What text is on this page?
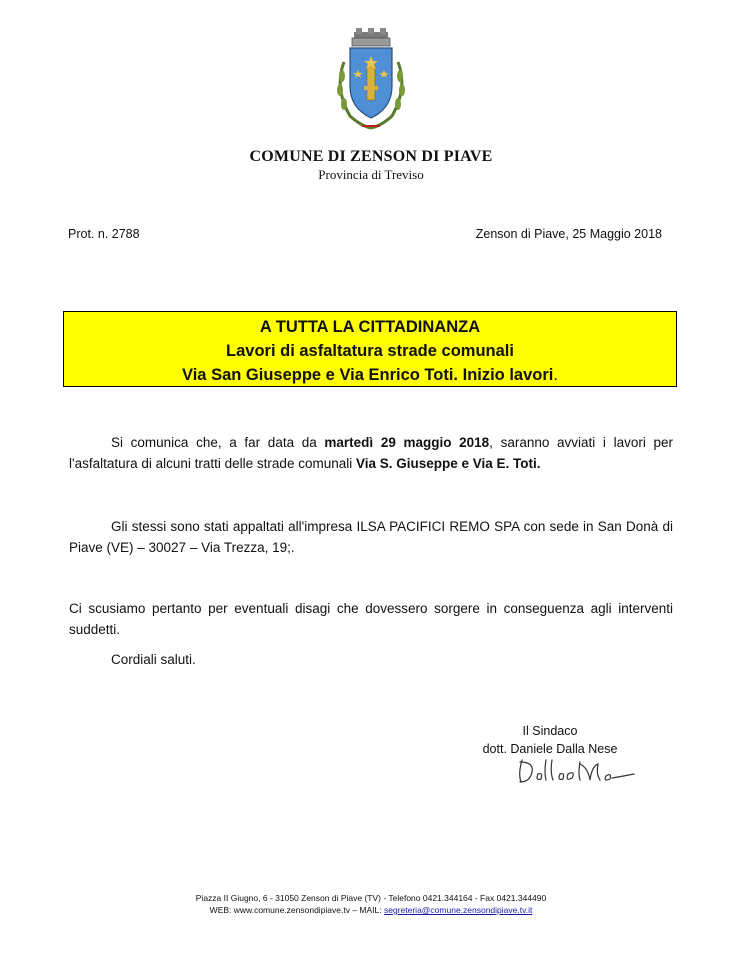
COMUNE DI ZENSON DI PIAVE
Provincia di Treviso
Prot. n. 2788	Zenson di Piave, 25 Maggio 2018
A TUTTA LA CITTADINANZA
Lavori di asfaltatura strade comunali
Via San Giuseppe e Via Enrico Toti. Inizio lavori.
Si comunica che, a far data da martedì 29 maggio 2018, saranno avviati i lavori per l'asfaltatura di alcuni tratti delle strade comunali Via S. Giuseppe e Via E. Toti.
Gli stessi sono stati appaltati all'impresa ILSA PACIFICI REMO SPA con sede in San Donà di Piave (VE) – 30027 – Via Trezza, 19;.
Ci scusiamo pertanto per eventuali disagi che dovessero sorgere in conseguenza agli interventi suddetti.
Cordiali saluti.
Il Sindaco
dott. Daniele Dalla Nese
Piazza II Giugno, 6 - 31050 Zenson di Piave (TV) - Telefono 0421.344164 - Fax 0421.344490
WEB: www.comune.zensondipiave.tv – MAIL: segreteria@comune.zensondipiave.tv.it
